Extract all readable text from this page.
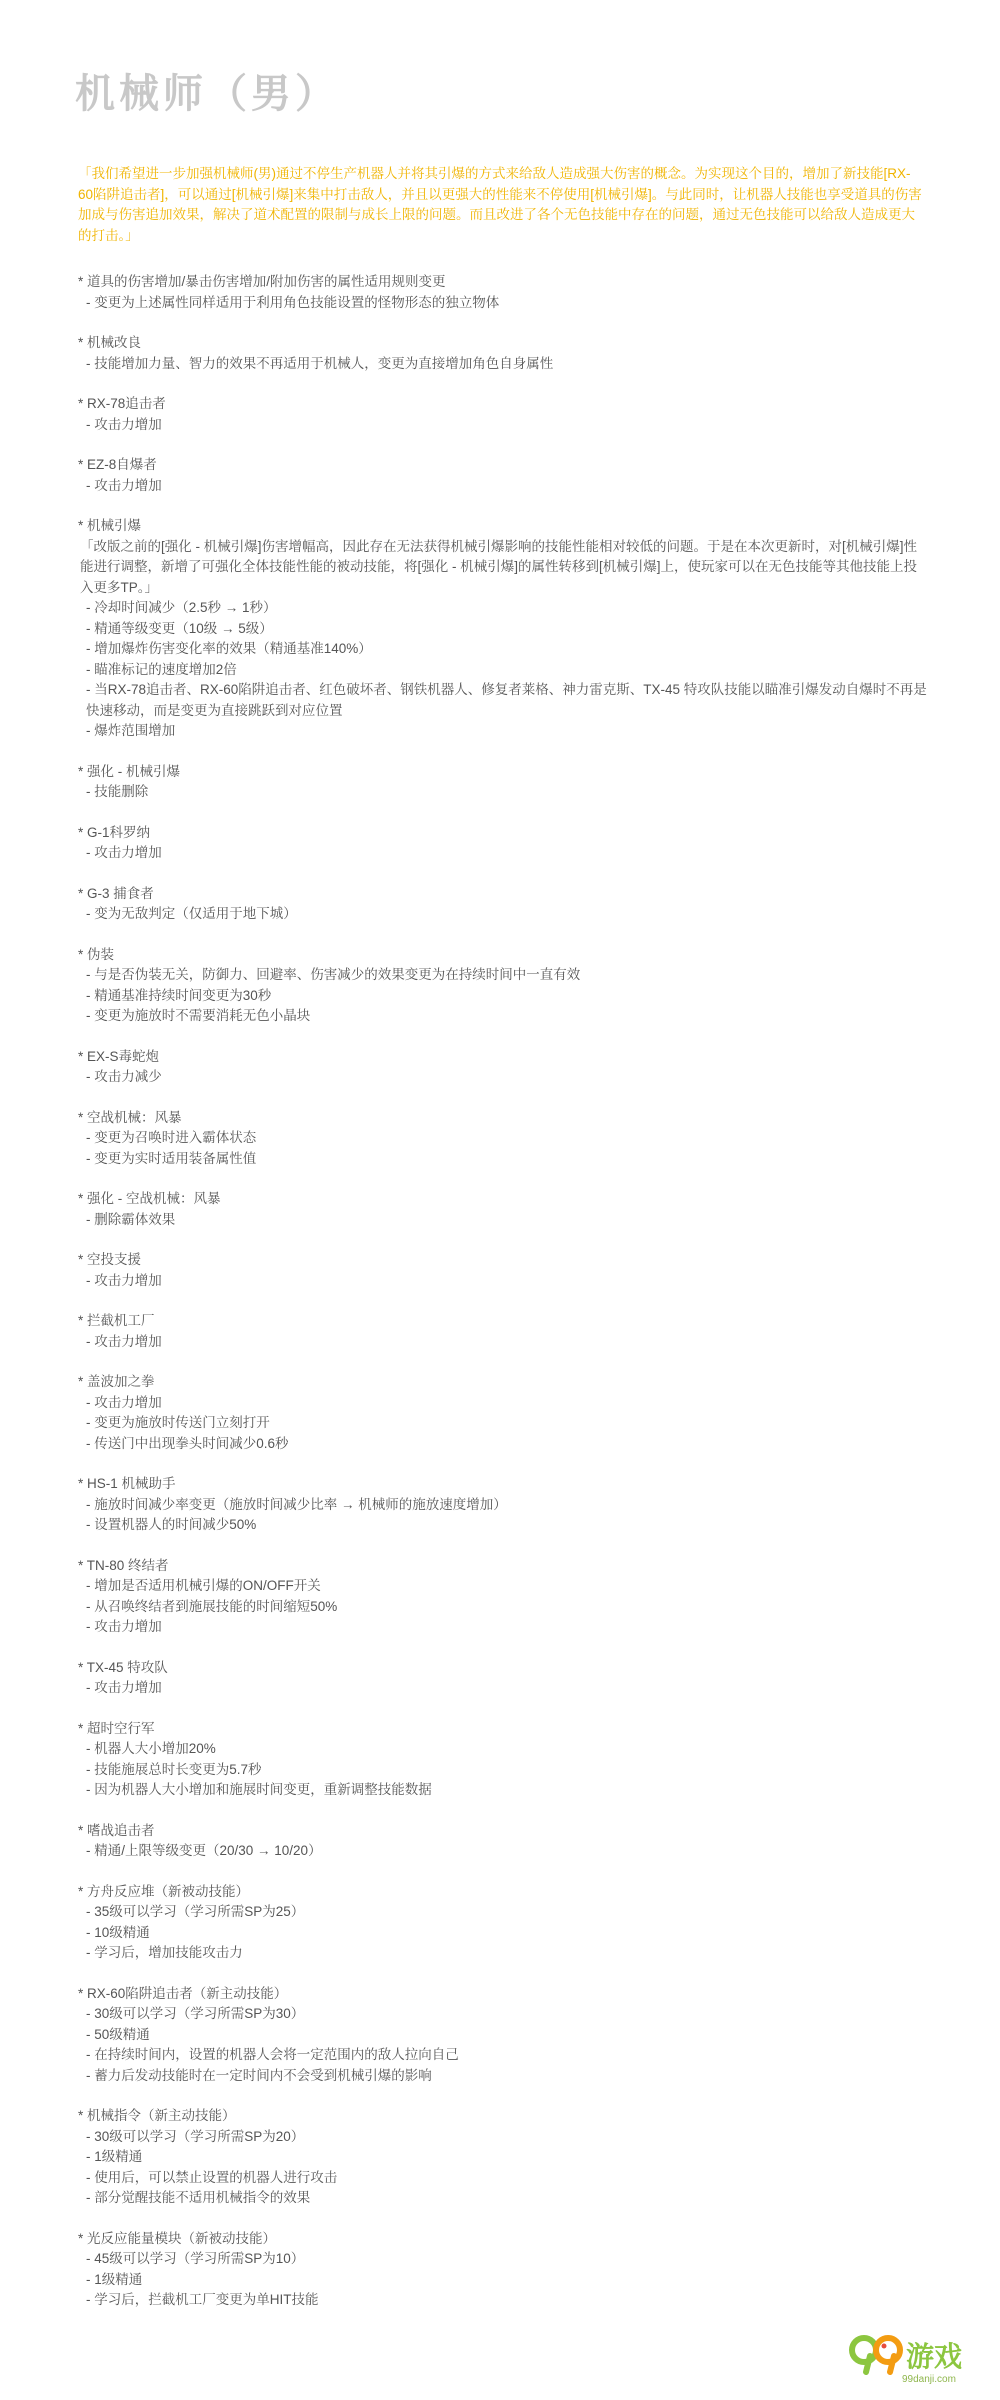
机械师（男）

「我们希望进一步加强机械师(男)通过不停生产机器人并将其引爆的方式来给敌人造成强大伤害的概念。为实现这个目的，增加了新技能[RX-60陷阱追击者]，可以通过[机械引爆]来集中打击敌人，并且以更强大的性能来不停使用[机械引爆]。与此同时，让机器人技能也享受道具的伤害加成与伤害追加效果，解决了道术配置的限制与成长上限的问题。而且改进了各个无色技能中存在的问题，通过无色技能可以给敌人造成更大的打击。」

* 道具的伤害增加/暴击伤害增加/附加伤害的属性适用规则变更

- 变更为上述属性同样适用于利用角色技能设置的怪物形态的独立物体

* 机械改良

- 技能增加力量、智力的效果不再适用于机械人，变更为直接增加角色自身属性

* RX-78追击者

- 攻击力增加

* EZ-8自爆者

- 攻击力增加

* 机械引爆

「改版之前的[强化 - 机械引爆]伤害增幅高，因此存在无法获得机械引爆影响的技能性能相对较低的问题。于是在本次更新时，对[机械引爆]性能进行调整，新增了可强化全体技能性能的被动技能，将[强化 - 机械引爆]的属性转移到[机械引爆]上，使玩家可以在无色技能等其他技能上投入更多TP。」

- 冷却时间减少（2.5秒 → 1秒）

- 精通等级变更（10级 → 5级）

- 增加爆炸伤害变化率的效果（精通基准140%）

- 瞄准标记的速度增加2倍

- 当RX-78追击者、RX-60陷阱追击者、红色破坏者、钢铁机器人、修复者莱格、神力雷克斯、TX-45 特攻队技能以瞄准引爆发动自爆时不再是快速移动，而是变更为直接跳跃到对应位置

- 爆炸范围增加

* 强化 - 机械引爆

- 技能删除

* G-1科罗纳

- 攻击力增加

* G-3 捕食者

- 变为无敌判定（仅适用于地下城）

* 伪装

- 与是否伪装无关，防御力、回避率、伤害减少的效果变更为在持续时间中一直有效

- 精通基准持续时间变更为30秒

- 变更为施放时不需要消耗无色小晶块

* EX-S毒蛇炮

- 攻击力减少

* 空战机械：风暴

- 变更为召唤时进入霸体状态

- 变更为实时适用装备属性值

* 强化 - 空战机械：风暴

- 删除霸体效果

* 空投支援

- 攻击力增加

* 拦截机工厂

- 攻击力增加

* 盖波加之拳

- 攻击力增加

- 变更为施放时传送门立刻打开

- 传送门中出现拳头时间减少0.6秒

* HS-1 机械助手

- 施放时间减少率变更（施放时间减少比率 → 机械师的施放速度增加）

- 设置机器人的时间减少50%

* TN-80 终结者

- 增加是否适用机械引爆的ON/OFF开关

- 从召唤终结者到施展技能的时间缩短50%

- 攻击力增加

* TX-45 特攻队

- 攻击力增加

* 超时空行军

- 机器人大小增加20%

- 技能施展总时长变更为5.7秒

- 因为机器人大小增加和施展时间变更，重新调整技能数据

* 嗜战追击者

- 精通/上限等级变更（20/30 → 10/20）

* 方舟反应堆（新被动技能）

- 35级可以学习（学习所需SP为25）

- 10级精通

- 学习后，增加技能攻击力

* RX-60陷阱追击者（新主动技能）

- 30级可以学习（学习所需SP为30）

- 50级精通

- 在持续时间内，设置的机器人会将一定范围内的敌人拉向自己

- 蓄力后发动技能时在一定时间内不会受到机械引爆的影响

* 机械指令（新主动技能）

- 30级可以学习（学习所需SP为20）

- 1级精通

- 使用后，可以禁止设置的机器人进行攻击

- 部分觉醒技能不适用机械指令的效果

* 光反应能量模块（新被动技能）

- 45级可以学习（学习所需SP为10）

- 1级精通

- 学习后，拦截机工厂变更为单HIT技能

游戏
99danji.com
